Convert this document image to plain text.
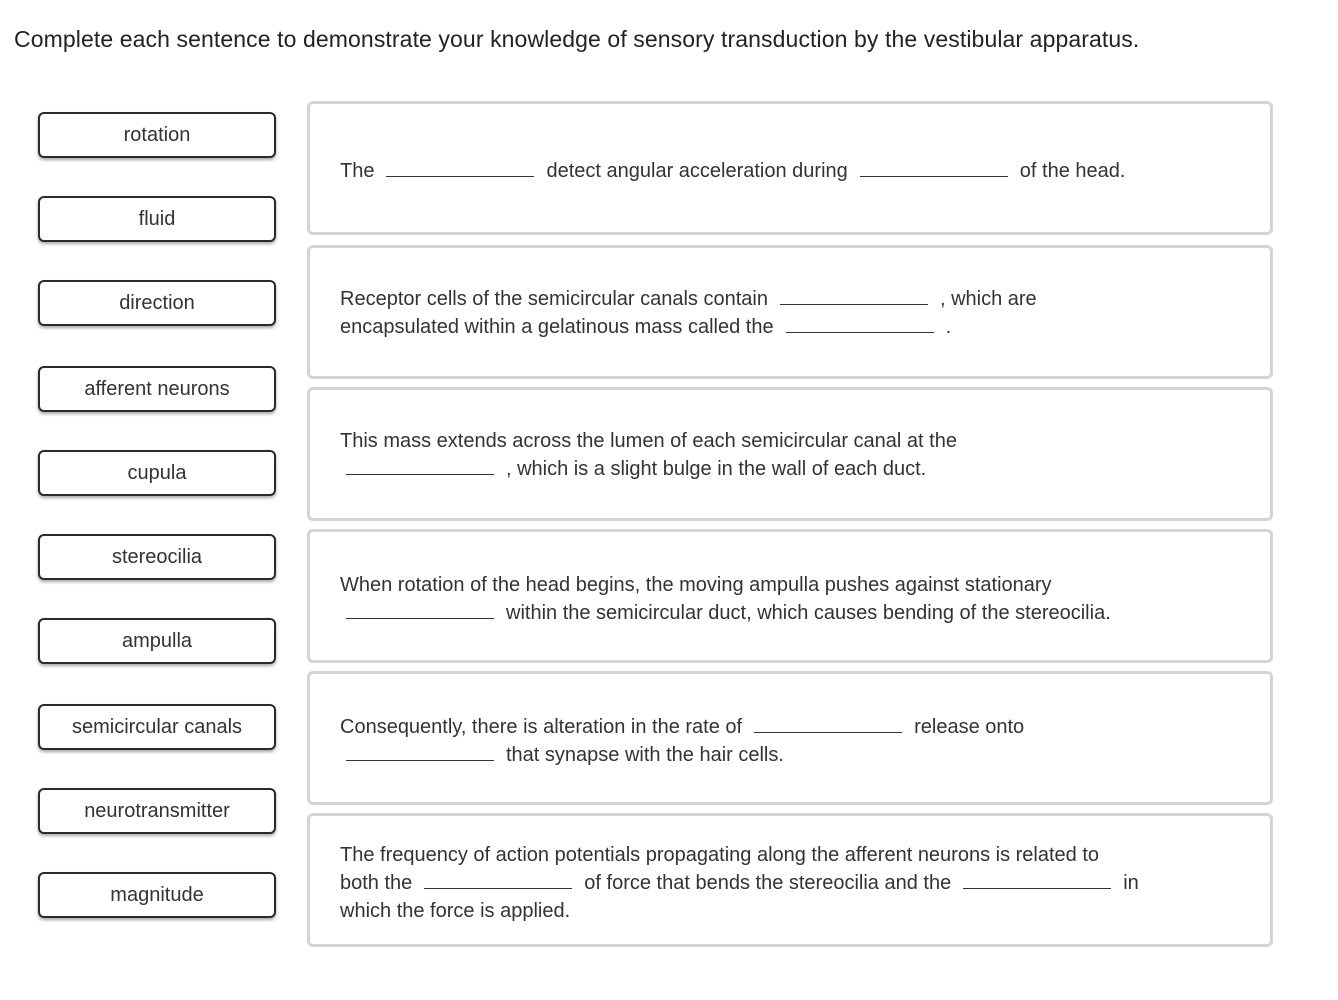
Complete each sentence to demonstrate your knowledge of sensory transduction by the vestibular apparatus.
rotation
fluid
direction
afferent neurons
cupula
stereocilia
ampulla
semicircular canals
neurotransmitter
magnitude
The	detect angular acceleration during	of the head.
Receptor cells of the semicircular canals contain	, which are
encapsulated within a gelatinous mass called the	.
This mass extends across the lumen of each semicircular canal at the
, which is a slight bulge in the wall of each duct.
When rotation of the head begins, the moving ampulla pushes against stationary
within the semicircular duct, which causes bending of the stereocilia.
Consequently, there is alteration in the rate of	release onto
that synapse with the hair cells.
The frequency of action potentials propagating along the afferent neurons is related to
both the	of force that bends the stereocilia and the	in
which the force is applied.
